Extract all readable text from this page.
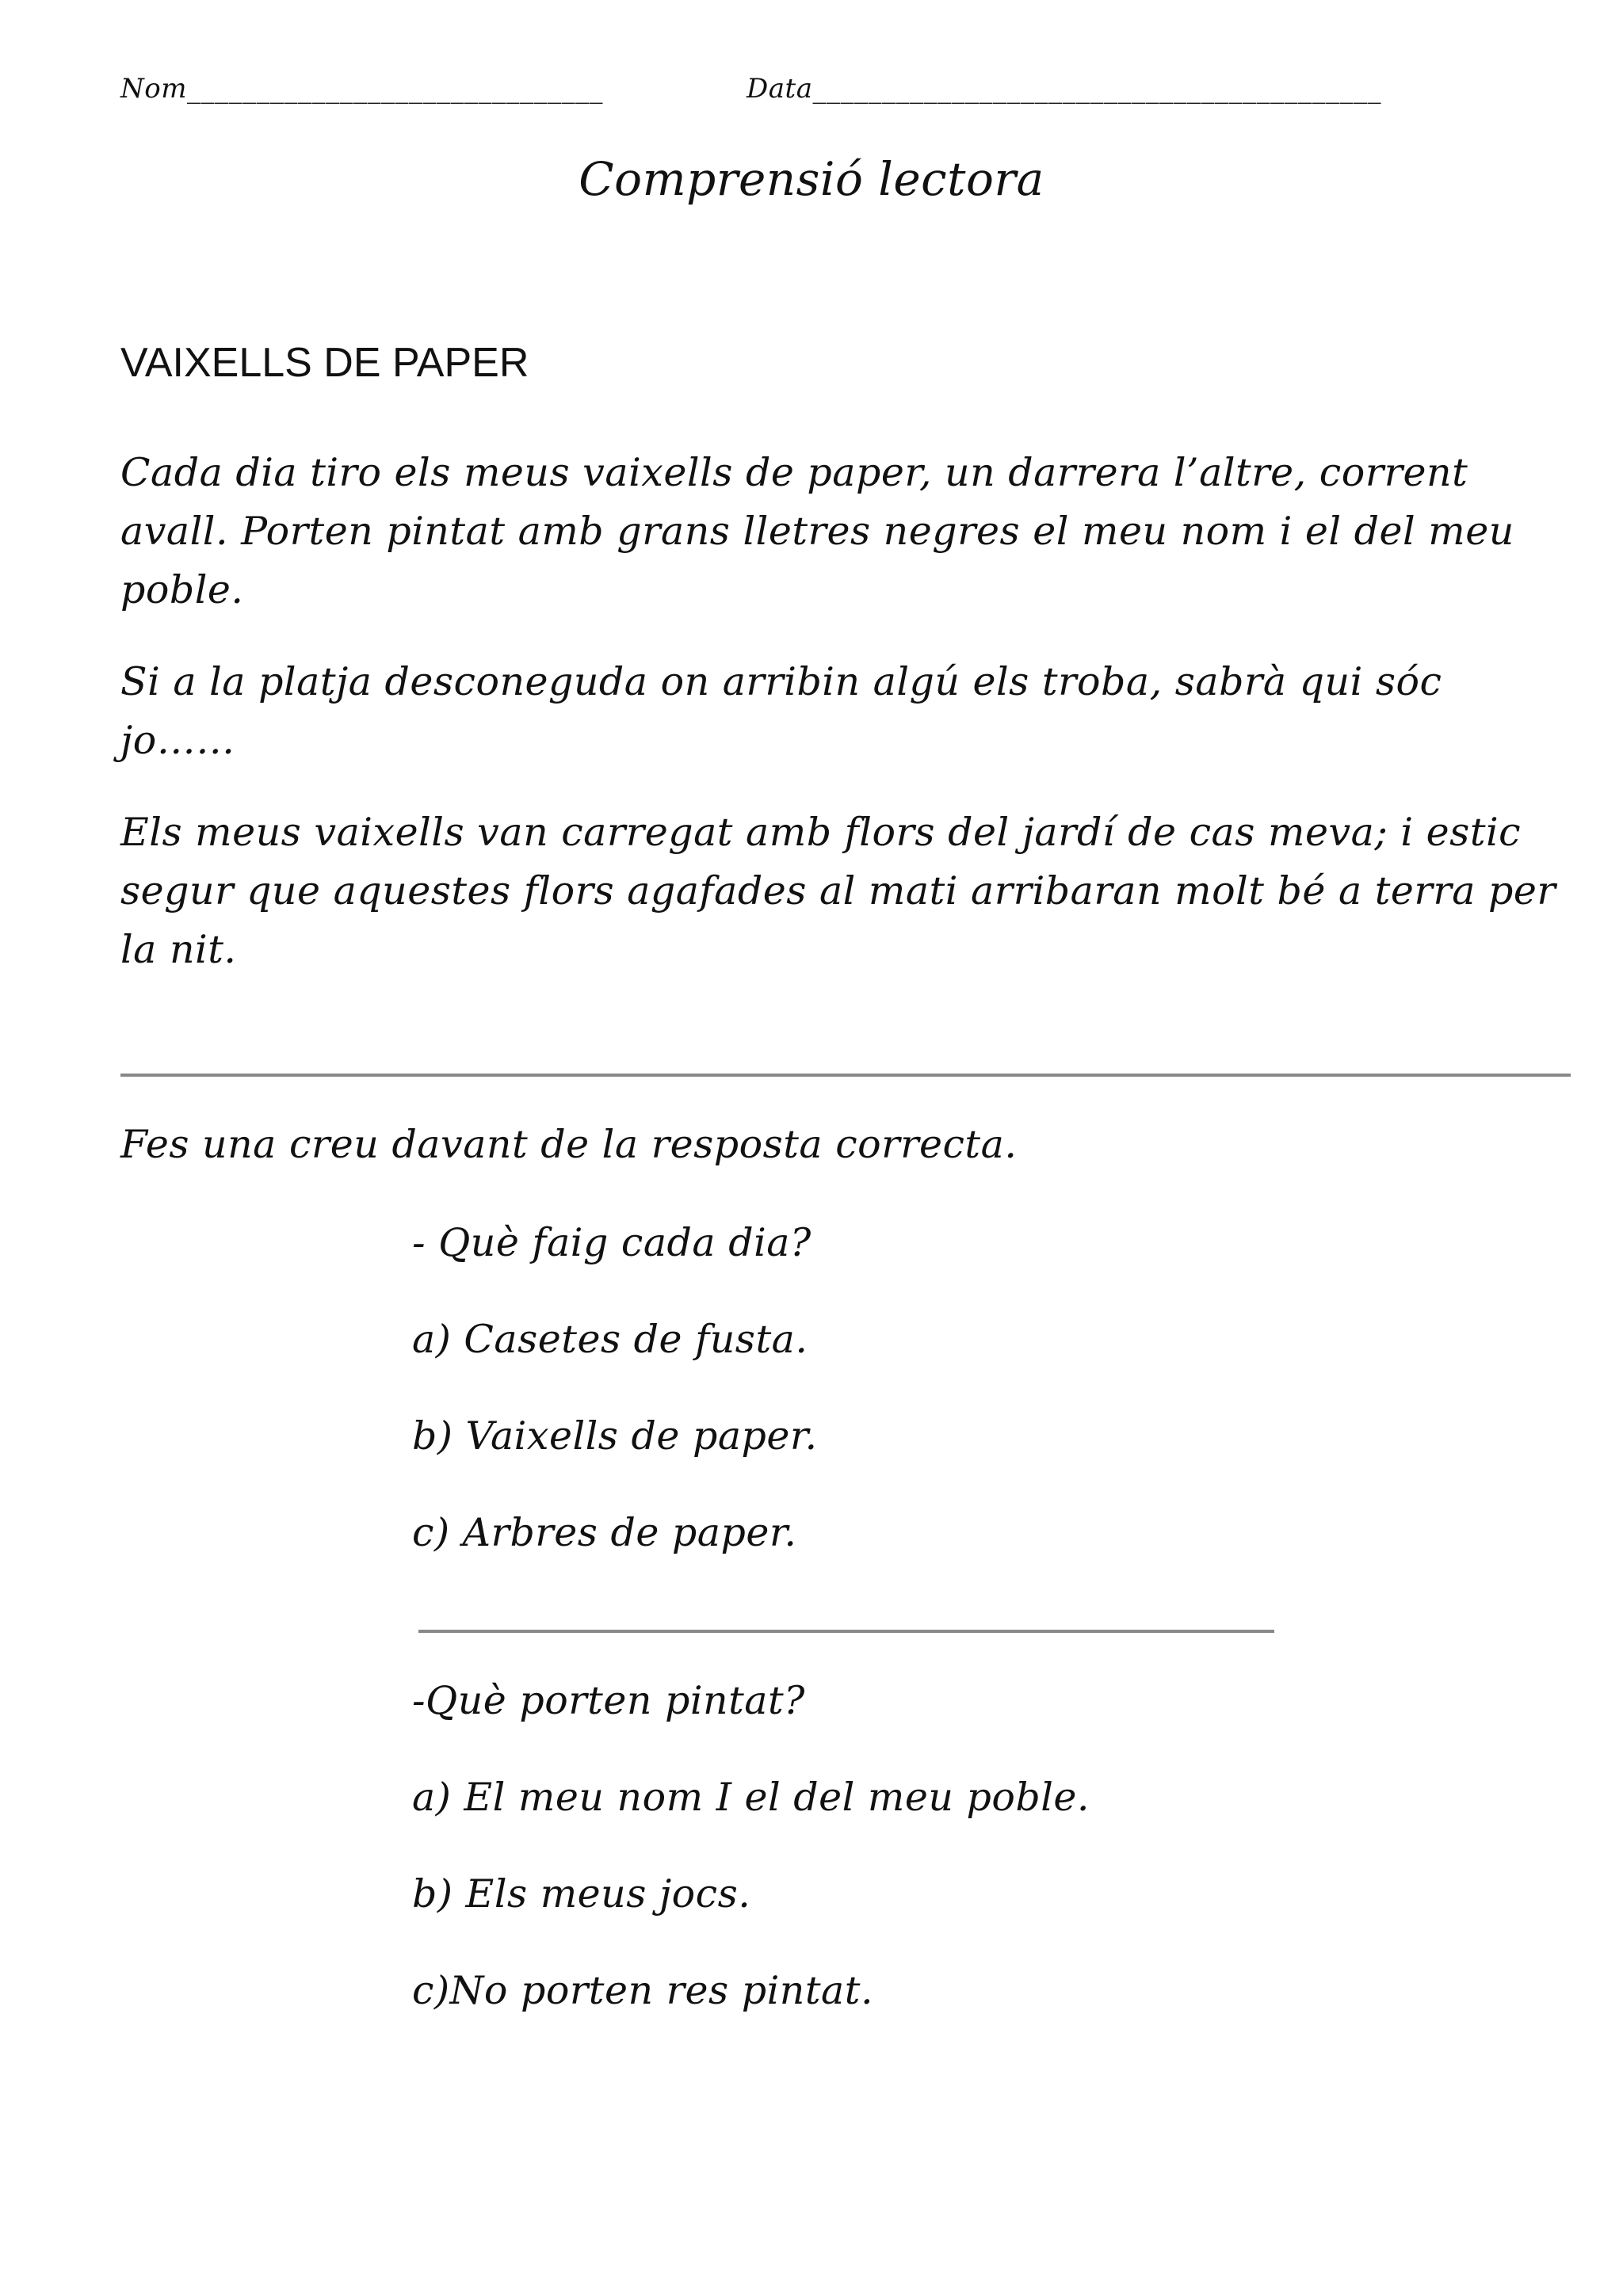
Nom______________________________	Data_________________________________________
Comprensió lectora
VAIXELLS DE PAPER

Cada dia tiro els meus vaixells de paper, un darrera l’altre, corrent avall. Porten pintat amb grans lletres negres el meu nom i el del meu poble.

Si a la platja desconeguda on arribin algú els troba, sabrà qui sóc jo……

Els meus vaixells van carregat amb flors del jardí de cas meva; i estic segur que aquestes flors agafades al mati arribaran molt bé a terra per la nit.

Fes una creu davant de la resposta correcta.
- Què faig cada dia?
a) Casetes de fusta.
b) Vaixells de paper.
c) Arbres de paper.
-Què porten pintat?
a) El meu nom I el del meu poble.
b) Els meus jocs.
c)No porten res pintat.
